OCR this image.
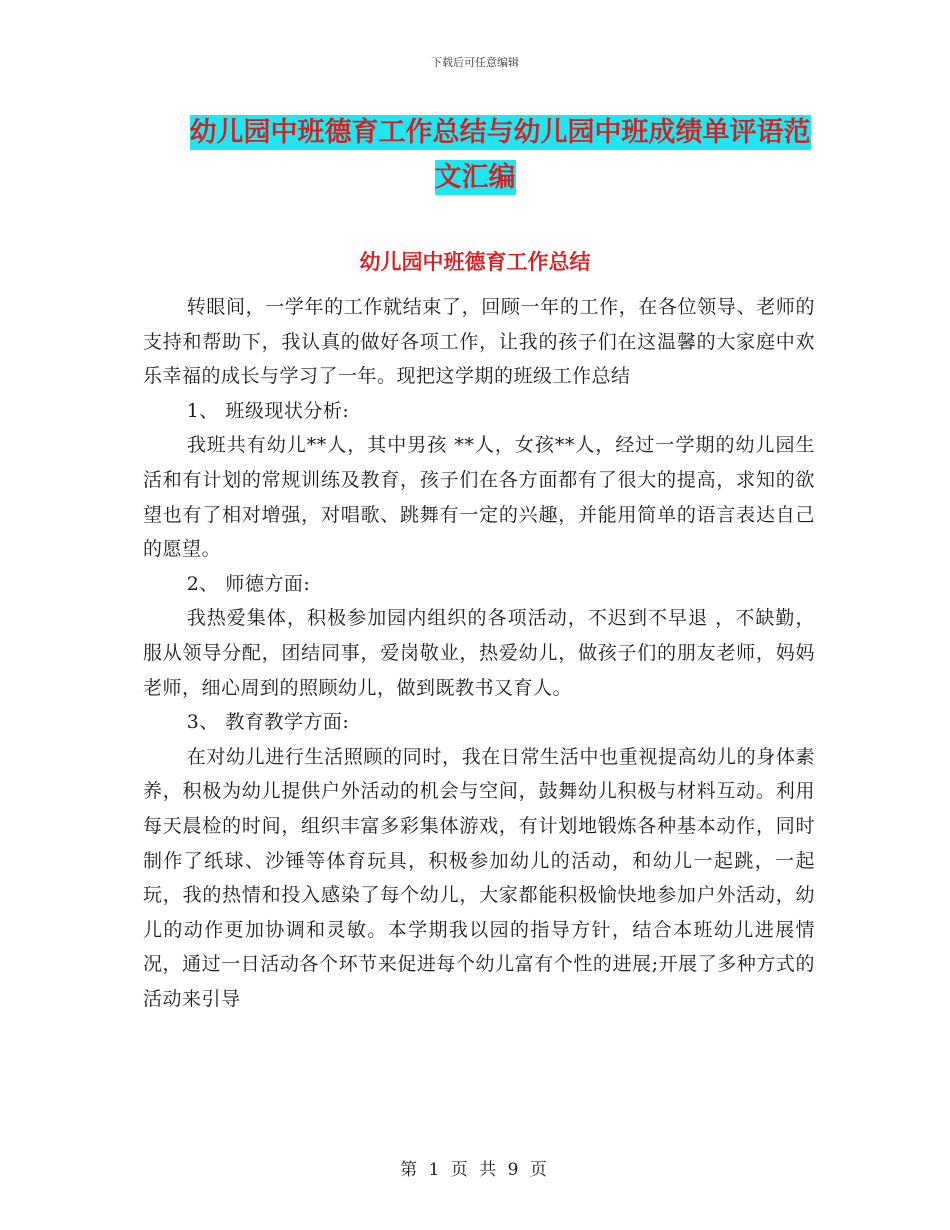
下载后可任意编辑
幼儿园中班德育工作总结与幼儿园中班成绩单评语范
文汇编
幼儿园中班德育工作总结

转眼间，一学年的工作就结束了，回顾一年的工作，在各位领导、老师的支持和帮助下，我认真的做好各项工作，让我的孩子们在这温馨的大家庭中欢乐幸福的成长与学习了一年。现把这学期的班级工作总结

1、 班级现状分析:

我班共有幼儿**人，其中男孩 **人，女孩**人，经过一学期的幼儿园生活和有计划的常规训练及教育，孩子们在各方面都有了很大的提高，求知的欲望也有了相对增强，对唱歌、跳舞有一定的兴趣，并能用简单的语言表达自己的愿望。

2、 师德方面:

我热爱集体，积极参加园内组织的各项活动，不迟到不早退 ，不缺勤，服从领导分配，团结同事，爱岗敬业，热爱幼儿，做孩子们的朋友老师，妈妈老师，细心周到的照顾幼儿，做到既教书又育人。

3、 教育教学方面:

在对幼儿进行生活照顾的同时，我在日常生活中也重视提高幼儿的身体素养，积极为幼儿提供户外活动的机会与空间，鼓舞幼儿积极与材料互动。利用每天晨检的时间，组织丰富多彩集体游戏，有计划地锻炼各种基本动作，同时制作了纸球、沙锤等体育玩具，积极参加幼儿的活动，和幼儿一起跳，一起玩，我的热情和投入感染了每个幼儿，大家都能积极愉快地参加户外活动，幼儿的动作更加协调和灵敏。本学期我以园的指导方针，结合本班幼儿进展情况，通过一日活动各个环节来促进每个幼儿富有个性的进展;开展了多种方式的活动来引导

第 1 页 共 9 页
